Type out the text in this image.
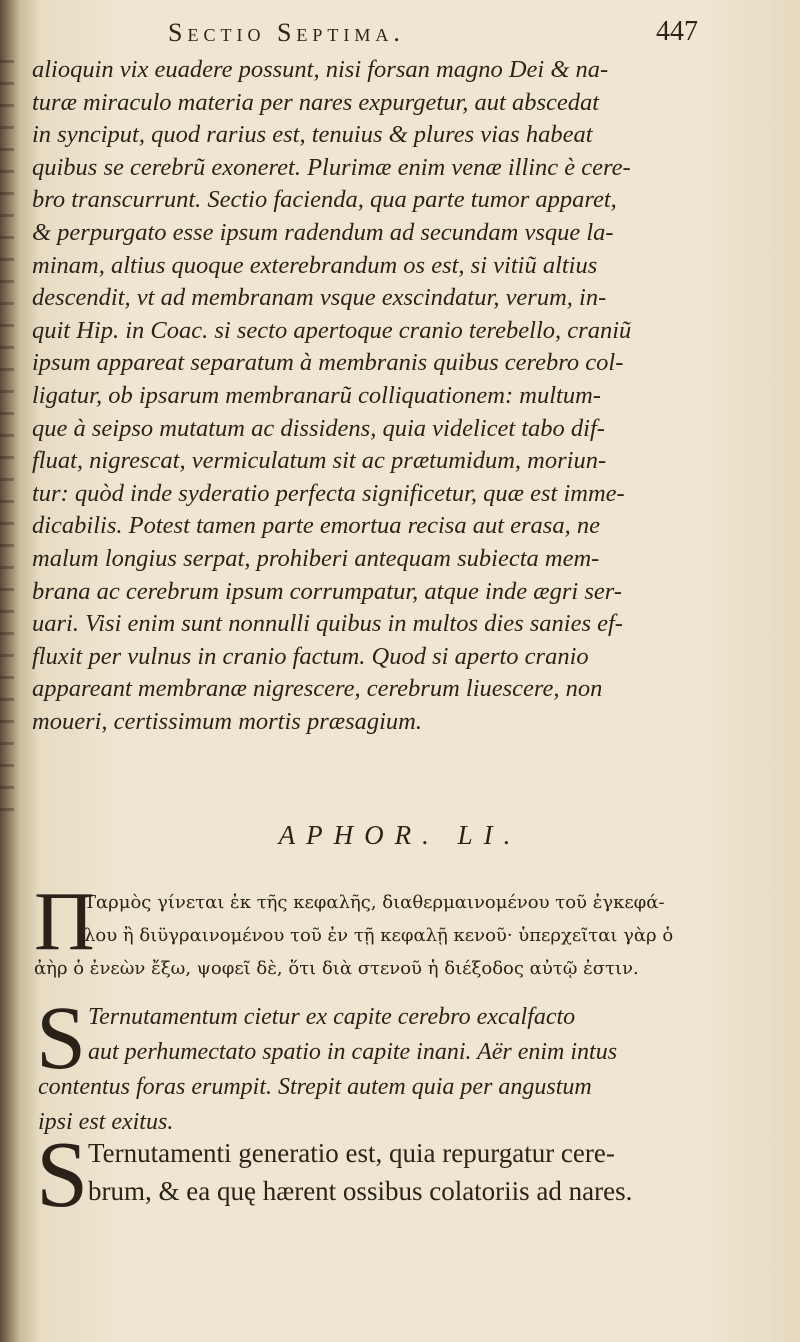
Sectio Septima.	447
alioquin vix euadere possunt, nisi forsan magno Dei & na-
turæ miraculo materia per nares expurgetur, aut abscedat
in synciput, quod rarius est, tenuius & plures vias habeat
quibus se cerebrũ exoneret. Plurimæ enim venæ illinc è cere-
bro transcurrunt. Sectio facienda, qua parte tumor apparet,
& perpurgato esse ipsum radendum ad secundam vsque la-
minam, altius quoque exterebrandum os est, si vitiũ altius
descendit, vt ad membranam vsque exscindatur, verum, in-
quit Hip. in Coac. si secto apertoque cranio terebello, craniũ
ipsum appareat separatum à membranis quibus cerebro col-
ligatur, ob ipsarum membranarũ colliquationem: multum-
que à seipso mutatum ac dissidens, quia videlicet tabo dif-
fluat, nigrescat, vermiculatum sit ac prætumidum, moriun-
tur: quòd inde syderatio perfecta significetur, quæ est imme-
dicabilis. Potest tamen parte emortua recisa aut erasa, ne
malum longius serpat, prohiberi antequam subiecta mem-
brana ac cerebrum ipsum corrumpatur, atque inde ægri ser-
uari. Visi enim sunt nonnulli quibus in multos dies sanies ef-
fluxit per vulnus in cranio factum. Quod si aperto cranio
appareant membranæ nigrescere, cerebrum liuescere, non
moueri, certissimum mortis præsagium.
APHOR. LI.
Π
Ταρμὸς γίνεται ἐκ τῆς κεφαλῆς, διαθερμαινομένου τοῦ ἐγκεφά-
λου ἢ διϋγραινομένου τοῦ ἐν τῇ κεφαλῇ κενοῦ· ὑπερχεῖται γὰρ ὁ
ἀὴρ ὁ ἐνεὼν ἔξω, ψοφεῖ δὲ, ὅτι διὰ στενοῦ ἡ διέξοδος αὐτῷ ἐστιν.
S Ternutamentum cietur ex capite cerebro excalfacto
aut perhumectato spatio in capite inani. Aër enim intus
contentus foras erumpit. Strepit autem quia per angustum
ipsi est exitus.
S Ternutamenti generatio est, quia repurgatur cere-
brum, & ea quę hærent ossibus colatoriis ad nares.
